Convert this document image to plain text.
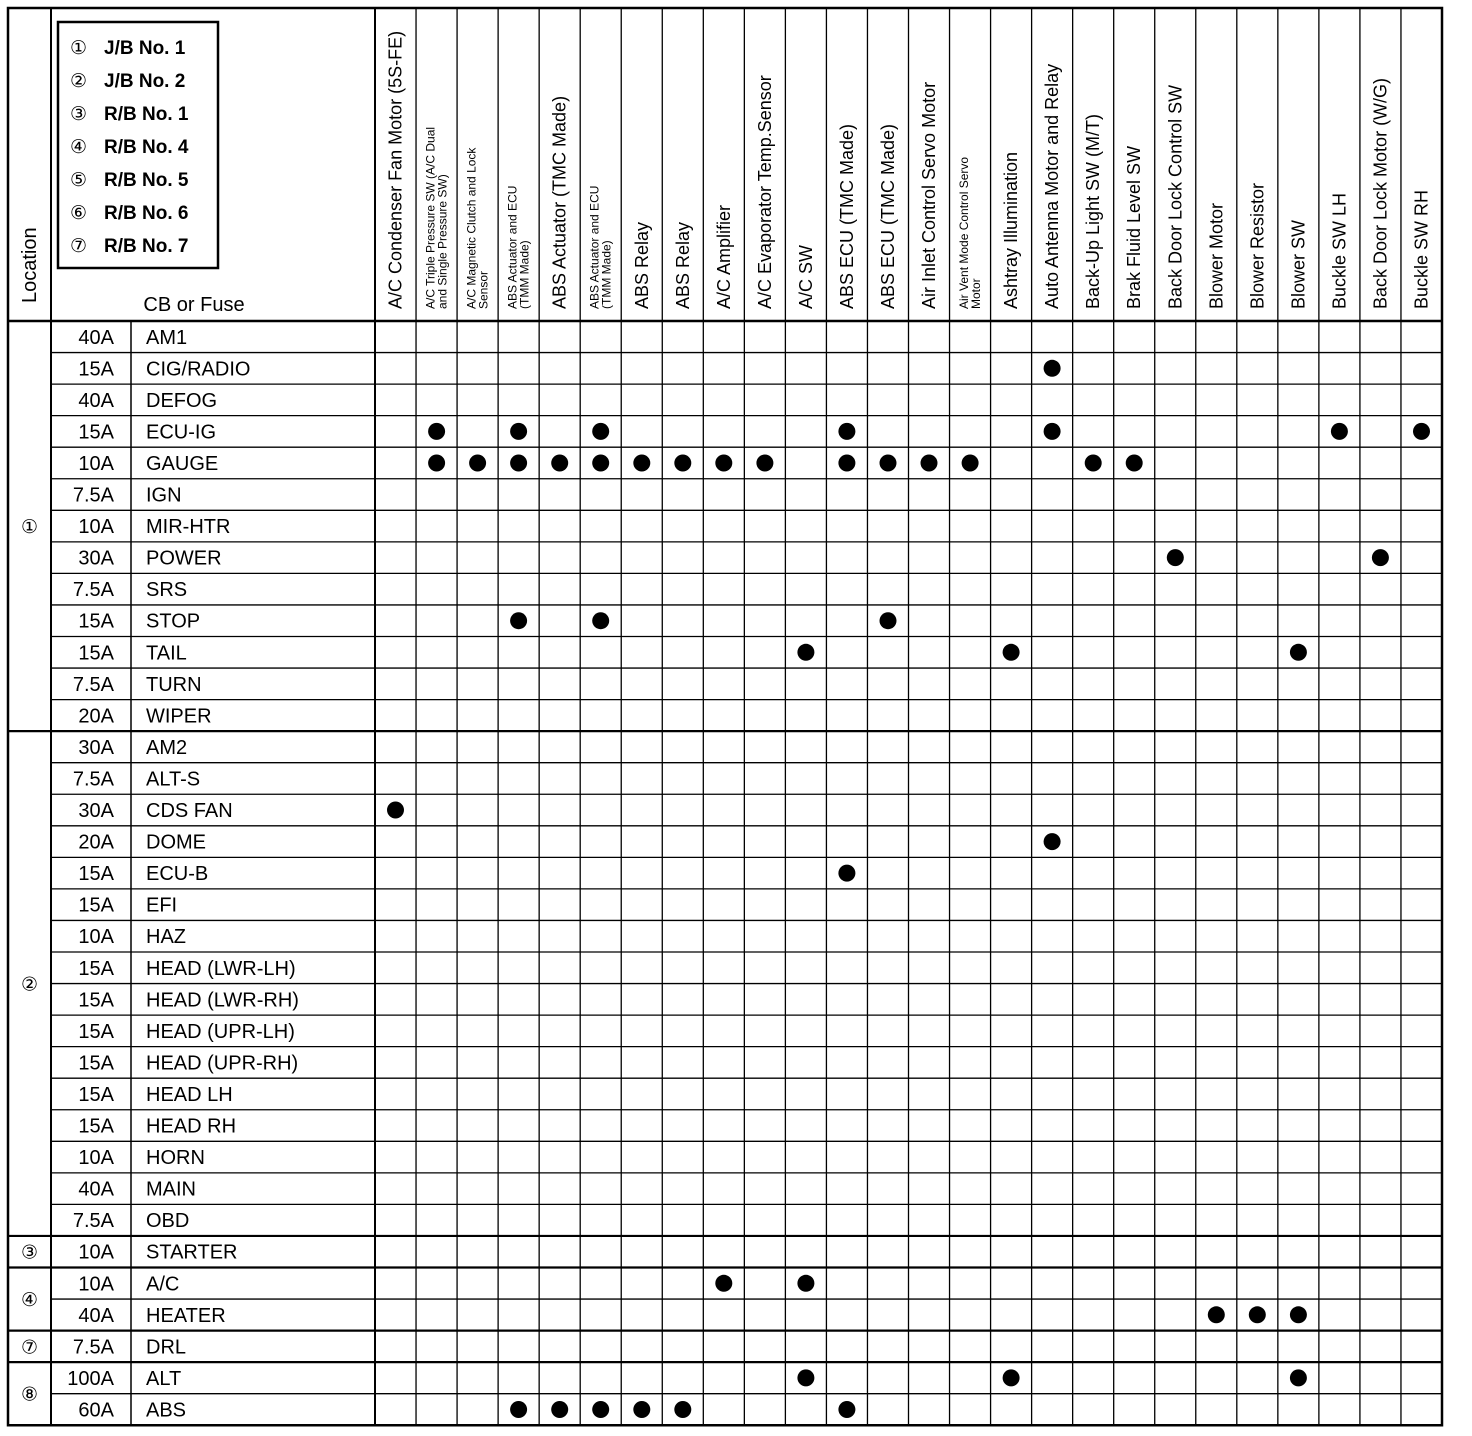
① J/B No. 1
② J/B No. 2
③ R/B No. 1
④ R/B No. 4
⑤ R/B No. 5
⑥ R/B No. 6
⑦ R/B No. 7
Location
CB or Fuse	A/C Condenser Fan Motor (5S-FE) A/C Triple Pressure SW (A/C Dual
and Single Pressure SW) A/C Magnetic Clutch and Lock
Sensor ABS Actuator and ECU
(TMM Made) ABS Actuator (TMC Made) ABS Actuator and ECU
(TMM Made) ABS Relay ABS Relay A/C Amplifier A/C Evaporator Temp.Sensor A/C SW ABS ECU (TMC Made) ABS ECU (TMC Made) Air Inlet Control Servo Motor Air Vent Mode Control Servo
Motor Ashtray Illumination Auto Antenna Motor and Relay Back-Up Light SW (M/T) Brak Fluid Level SW Back Door Lock Control SW Blower Motor Blower Resistor Blower SW Buckle SW LH Back Door Lock Motor (W/G) Buckle SW RH
40A AM1
15A CIG/RADIO
40A DEFOG
15A ECU-IG
10A GAUGE
7.5A IGN
10A MIR-HTR
30A POWER
7.5A SRS
15A STOP
15A TAIL
7.5A TURN
20A WIPER
30A AM2
7.5A ALT-S
30A CDS FAN
20A DOME
15A ECU-B
15A EFI
10A HAZ
15A HEAD (LWR-LH)
15A HEAD (LWR-RH)
15A HEAD (UPR-LH)
15A HEAD (UPR-RH)
15A HEAD LH
15A HEAD RH
10A HORN
40A MAIN
7.5A OBD
10A STARTER
10A A/C
40A HEATER
7.5A DRL
100A ALT
60A ABS
①
②
③
④
⑦
⑧
